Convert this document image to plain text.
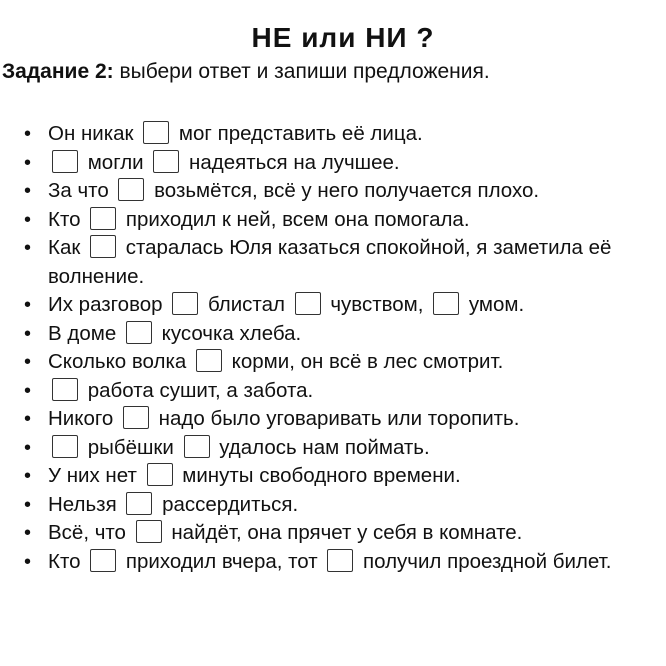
НЕ или НИ ?
Задание 2: выбери ответ и запиши предложения.
• Он никак  мог представить её лица.
• могли  надеяться на лучшее.
• За что  возьмётся, всё у него получается плохо.
• Кто  приходил к ней, всем она помогала.
• Как  старалась Юля казаться спокойной, я заметила её
волнение.
• Их разговор  блистал  чувством,  умом.
• В доме  кусочка хлеба.
• Сколько волка  корми, он всё в лес смотрит.
• работа сушит, а забота.
• Никого  надо было уговаривать или торопить.
• рыбёшки  удалось нам поймать.
• У них нет  минуты свободного времени.
• Нельзя  рассердиться.
• Всё, что  найдёт, она прячет у себя в комнате.
• Кто  приходил вчера, тот  получил проездной билет.
